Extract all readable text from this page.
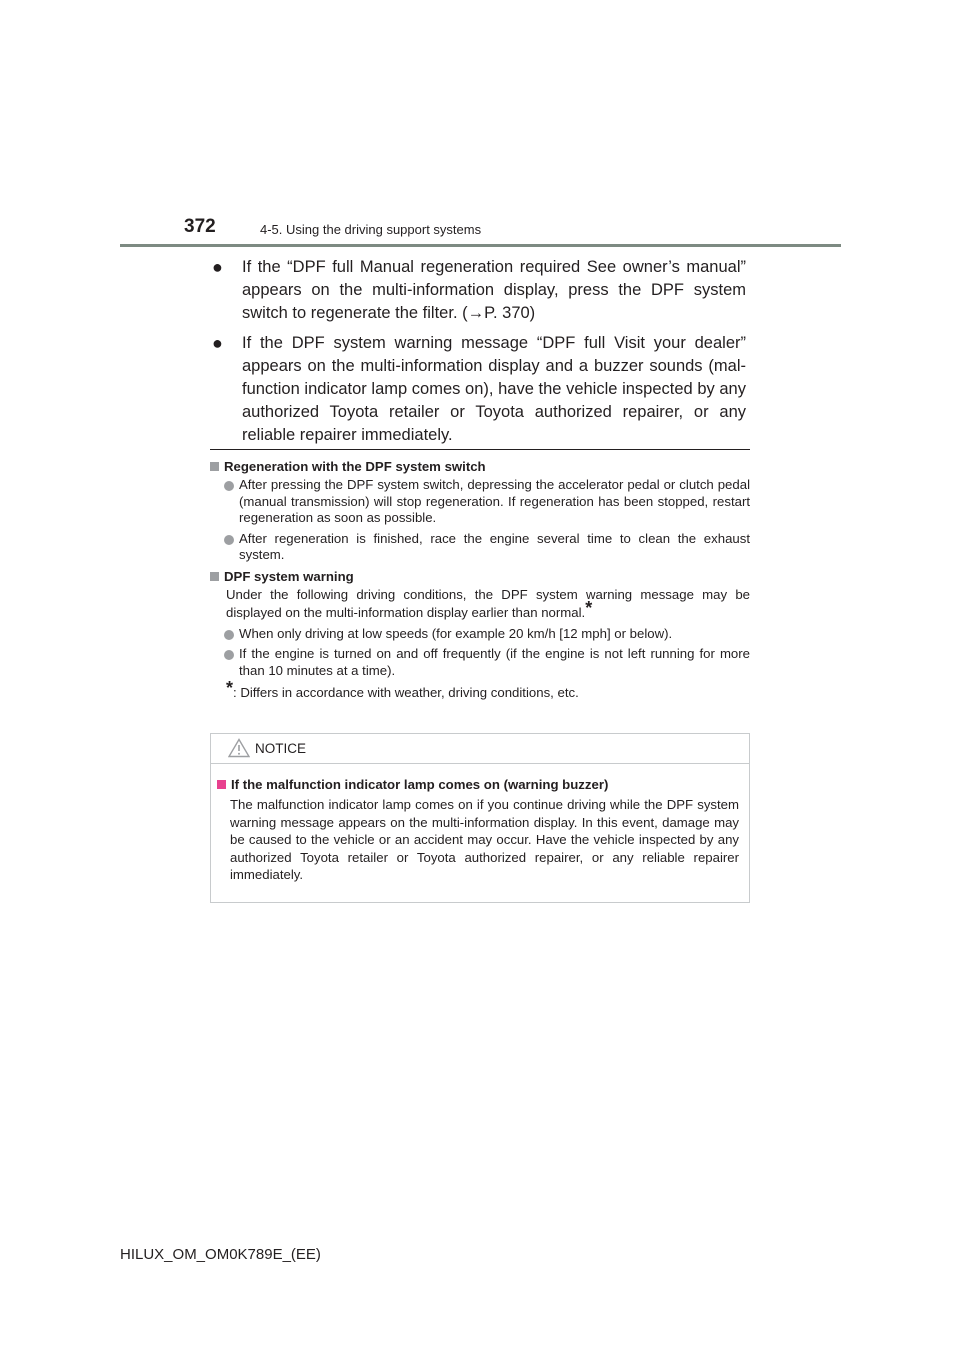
372	4-5. Using the driving support systems
● If the “DPF full Manual regeneration required See owner’s manual” appears on the multi-information display, press the DPF system switch to regenerate the filter. (→P. 370)
● If the DPF system warning message “DPF full Visit your dealer” appears on the multi-information display and a buzzer sounds (mal-function indicator lamp comes on), have the vehicle inspected by any authorized Toyota retailer or Toyota authorized repairer, or any reliable repairer immediately.
Regeneration with the DPF system switch
After pressing the DPF system switch, depressing the accelerator pedal or clutch pedal (manual transmission) will stop regeneration. If regeneration has been stopped, restart regeneration as soon as possible.
After regeneration is finished, race the engine several time to clean the exhaust system.
DPF system warning
Under the following driving conditions, the DPF system warning message may be displayed on the multi-information display earlier than normal.*
When only driving at low speeds (for example 20 km/h [12 mph] or below).
If the engine is turned on and off frequently (if the engine is not left running for more than 10 minutes at a time).
*: Differs in accordance with weather, driving conditions, etc.
NOTICE
If the malfunction indicator lamp comes on (warning buzzer)
The malfunction indicator lamp comes on if you continue driving while the DPF system warning message appears on the multi-information display. In this event, damage may be caused to the vehicle or an accident may occur. Have the vehicle inspected by any authorized Toyota retailer or Toyota authorized repairer, or any reliable repairer immediately.
HILUX_OM_OM0K789E_(EE)
